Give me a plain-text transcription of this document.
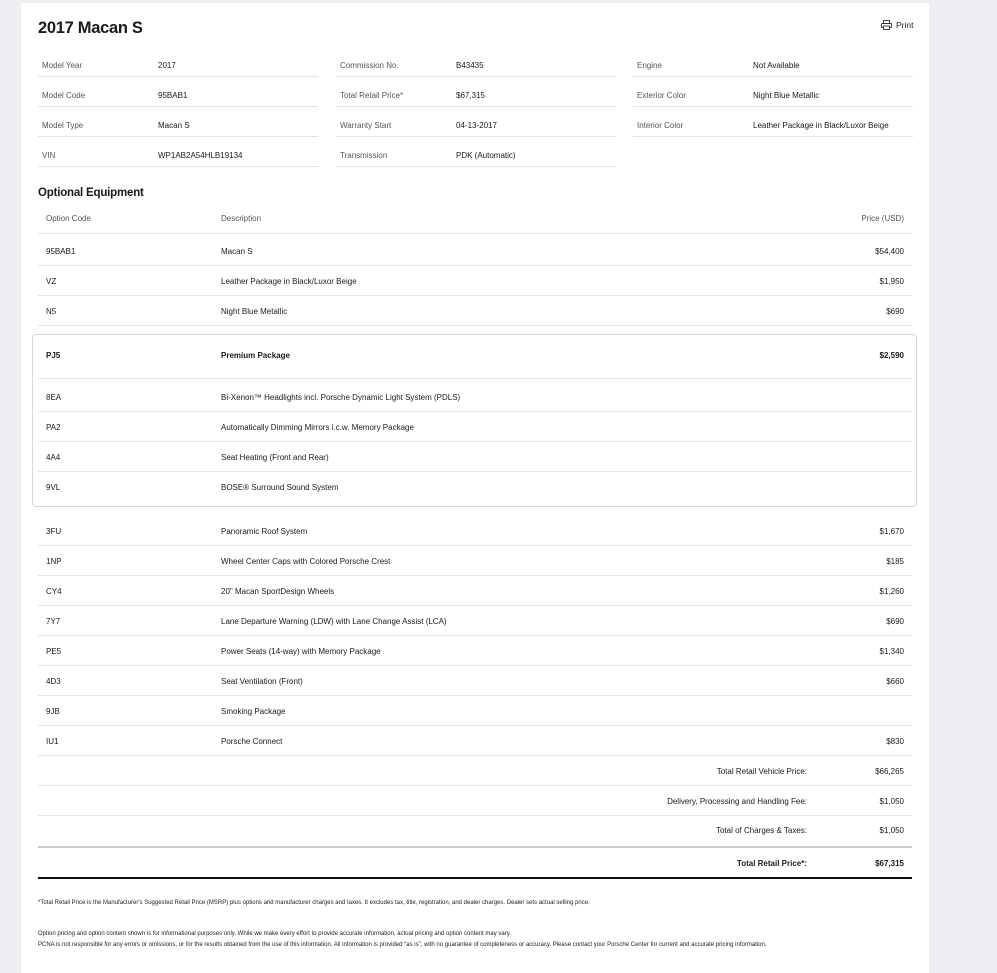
2017 Macan S	Print
Model Year	2017
Model Code	95BAB1
Model Type	Macan S
VIN	WP1AB2A54HLB19134
Commission No.	B43435
Total Retail Price*	$67,315
Warranty Start	04-13-2017
Transmission	PDK (Automatic)
Engine	Not Available
Exterior Color	Night Blue Metallic
Interior Color	Leather Package in Black/Luxor Beige
Optional Equipment
Option Code	Description	Price (USD)
95BAB1	Macan S	$54,400
VZ	Leather Package in Black/Luxor Beige	$1,950
N5	Night Blue Metallic	$690
PJ5	Premium Package	$2,590
8EA	Bi-Xenon™ Headlights incl. Porsche Dynamic Light System (PDLS)
PA2	Automatically Dimming Mirrors i.c.w. Memory Package
4A4	Seat Heating (Front and Rear)
9VL	BOSE® Surround Sound System
3FU	Panoramic Roof System	$1,670
1NP	Wheel Center Caps with Colored Porsche Crest	$185
CY4	20" Macan SportDesign Wheels	$1,260
7Y7	Lane Departure Warning (LDW) with Lane Change Assist (LCA)	$690
PE5	Power Seats (14-way) with Memory Package	$1,340
4D3	Seat Ventilation (Front)	$660
9JB	Smoking Package
IU1	Porsche Connect	$830
Total Retail Vehicle Price:	$66,265
Delivery, Processing and Handling Fee:	$1,050
Total of Charges & Taxes:	$1,050
Total Retail Price*:	$67,315
*Total Retail Price is the Manufacturer's Suggested Retail Price (MSRP) plus options and manufacturer charges and taxes. It excludes tax, title, registration, and dealer charges. Dealer sets actual selling price.
Option pricing and option content shown is for informational purposes only. While we make every effort to provide accurate information, actual pricing and option content may vary.
PCNA is not responsible for any errors or omissions, or for the results obtained from the use of this information. All information is provided "as is", with no guarantee of completeness or accuracy. Please contact your Porsche Center for current and accurate pricing information.
